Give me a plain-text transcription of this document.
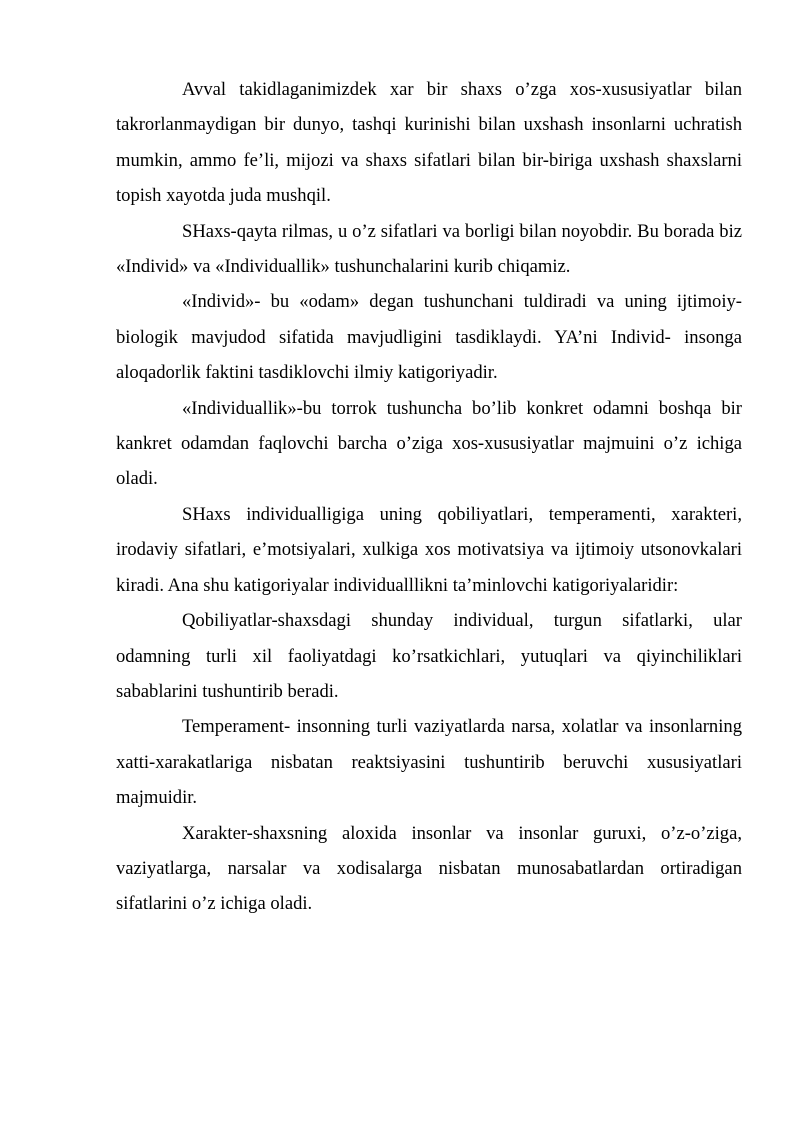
Avval takidlaganimizdek xar bir shaxs o’zga xos-xususiyatlar bilan takrorlanmaydigan bir dunyo, tashqi kurinishi bilan uxshash insonlarni uchratish mumkin, ammo fe’li, mijozi va shaxs sifatlari bilan bir-biriga uxshash shaxslarni topish xayotda juda mushqil.

SHaxs-qayta rilmas, u o’z sifatlari va borligi bilan noyobdir. Bu borada biz «Individ» va «Individuallik» tushunchalarini kurib chiqamiz.

«Individ»- bu «odam» degan tushunchani tuldiradi va uning ijtimoiy-biologik mavjudod sifatida mavjudligini tasdiklaydi. YA’ni Individ- insonga aloqadorlik faktini tasdiklovchi ilmiy katigoriyadir.

«Individuallik»-bu torrok tushuncha bo’lib konkret odamni boshqa bir kankret odamdan faqlovchi barcha o’ziga xos-xususiyatlar majmuini o’z ichiga oladi.

SHaxs individualligiga uning qobiliyatlari, temperamenti, xarakteri, irodaviy sifatlari, e’motsiyalari, xulkiga xos motivatsiya va ijtimoiy utsonovkalari kiradi. Ana shu katigoriyalar individualllikni ta’minlovchi katigoriyalaridir:

Qobiliyatlar-shaxsdagi shunday individual, turgun sifatlarki, ular odamning turli xil faoliyatdagi ko’rsatkichlari, yutuqlari va qiyinchiliklari sabablarini tushuntirib beradi.

Temperament- insonning turli vaziyatlarda narsa, xolatlar va insonlarning xatti-xarakatlariga nisbatan reaktsiyasini tushuntirib beruvchi xususiyatlari majmuidir.

Xarakter-shaxsning aloxida insonlar va insonlar guruxi, o’z-o’ziga, vaziyatlarga, narsalar va xodisalarga nisbatan munosabatlardan ortiradigan sifatlarini o’z ichiga oladi.
